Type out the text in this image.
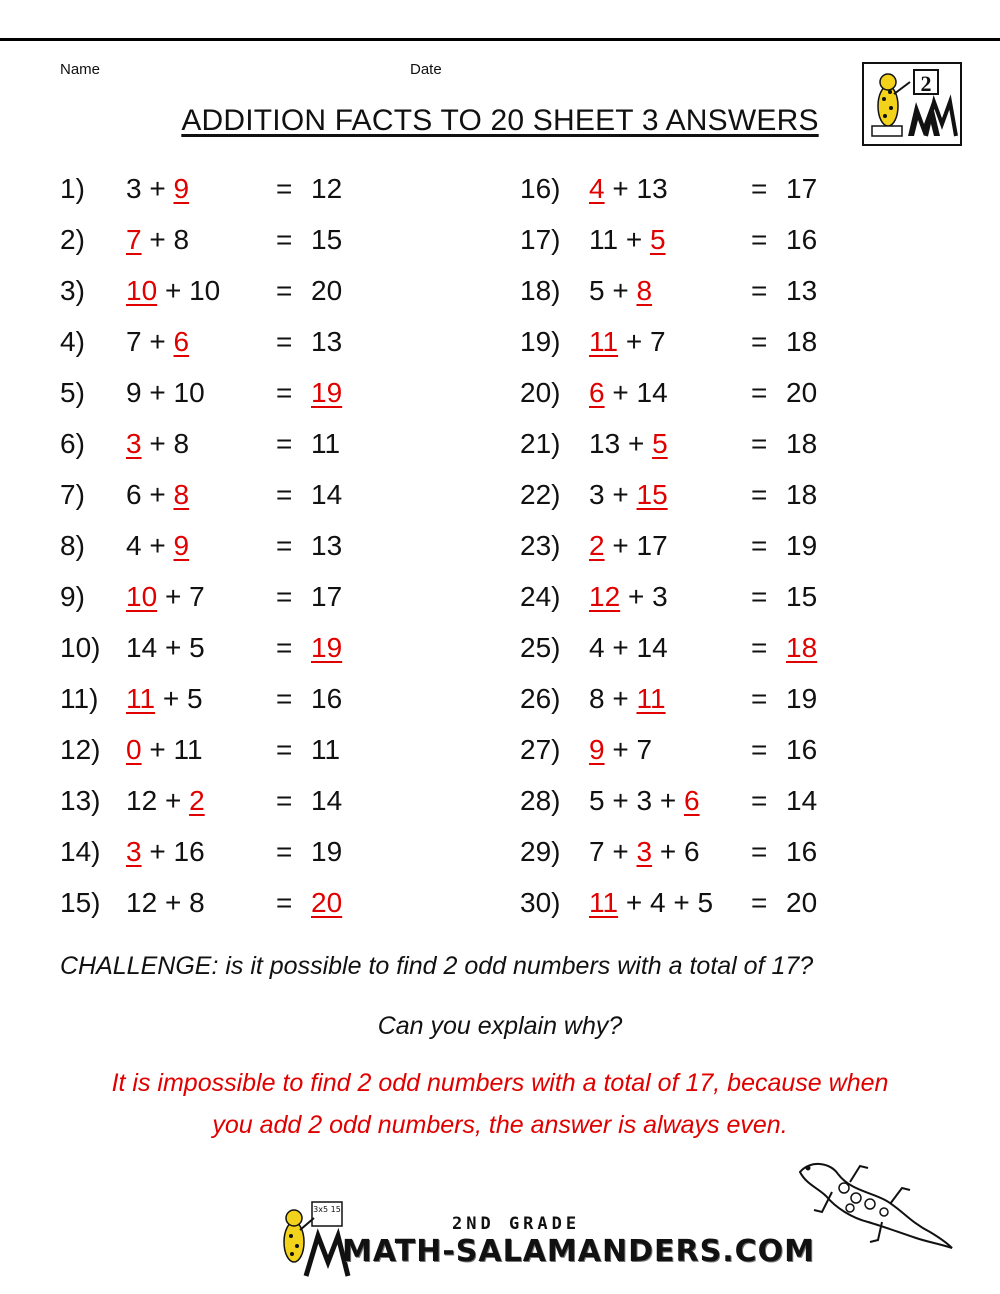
Name	Date
2
ADDITION FACTS TO 20 SHEET 3 ANSWERS
1) 3 + 9	= 12
2) 7 + 8	= 15
3) 10 + 10 = 20
4) 7 + 6	= 13
5) 9 + 10	= 19
6) 3 + 8	= 11
7) 6 + 8	= 14
8) 4 + 9	= 13
9) 10 + 7	= 17
10) 14 + 5	= 19
11) 11 + 5	= 16
12) 0 + 11	= 11
13) 12 + 2	= 14
14) 3 + 16	= 19
15) 12 + 8	= 20
16) 4 + 13	= 17
17) 11 + 5	= 16
18) 5 + 8	= 13
19) 11 + 7	= 18
20) 6 + 14	= 20
21) 13 + 5	= 18
22) 3 + 15	= 18
23) 2 + 17	= 19
24) 12 + 3	= 15
25) 4 + 14	= 18
26) 8 + 11	= 19
27) 9 + 7	= 16
28) 5 + 3 + 6 = 14
29) 7 + 3 + 6 = 16
30) 11 + 4 + 5 = 20
CHALLENGE: is it possible to find 2 odd numbers with a total of 17?
Can you explain why?
It is impossible to find 2 odd numbers with a total of 17, because when
you add 2 odd numbers, the answer is always even.
3x5 15
2ND GRADE
MATH-SALAMANDERS.COM
